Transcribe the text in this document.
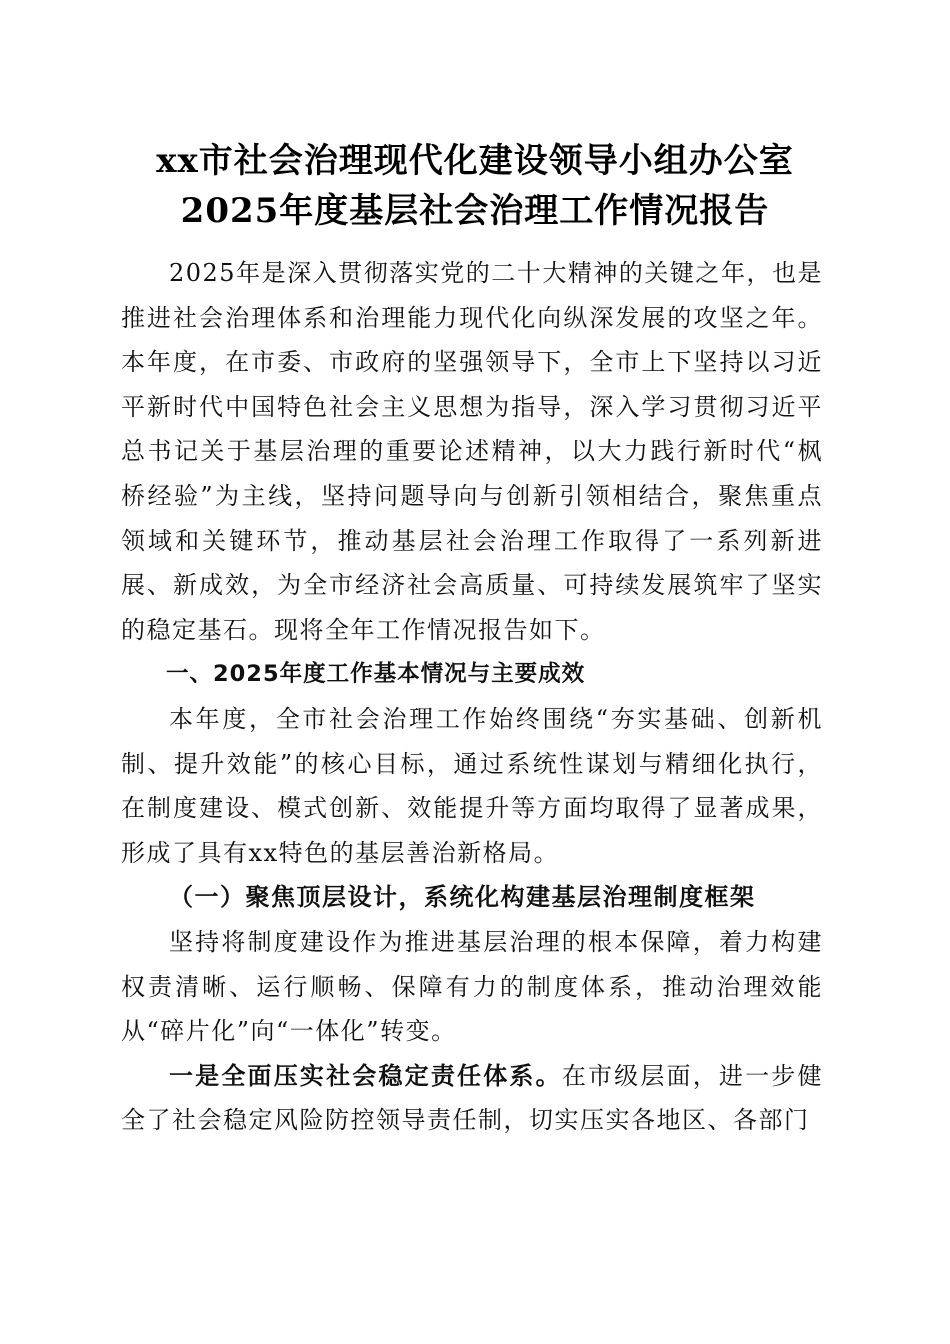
xx市社会治理现代化建设领导小组办公室
2025年度基层社会治理工作情况报告

2025年是深入贯彻落实党的二十大精神的关键之年，也是推进社会治理体系和治理能力现代化向纵深发展的攻坚之年。本年度，在市委、市政府的坚强领导下，全市上下坚持以习近平新时代中国特色社会主义思想为指导，深入学习贯彻习近平总书记关于基层治理的重要论述精神，以大力践行新时代“枫桥经验”为主线，坚持问题导向与创新引领相结合，聚焦重点领域和关键环节，推动基层社会治理工作取得了一系列新进展、新成效，为全市经济社会高质量、可持续发展筑牢了坚实的稳定基石。现将全年工作情况报告如下。

一、2025年度工作基本情况与主要成效

本年度，全市社会治理工作始终围绕“夯实基础、创新机制、提升效能”的核心目标，通过系统性谋划与精细化执行，在制度建设、模式创新、效能提升等方面均取得了显著成果，形成了具有xx特色的基层善治新格局。

（一）聚焦顶层设计，系统化构建基层治理制度框架

坚持将制度建设作为推进基层治理的根本保障，着力构建权责清晰、运行顺畅、保障有力的制度体系，推动治理效能从“碎片化”向“一体化”转变。

一是全面压实社会稳定责任体系。在市级层面，进一步健全了社会稳定风险防控领导责任制，切实压实各地区、各部门
